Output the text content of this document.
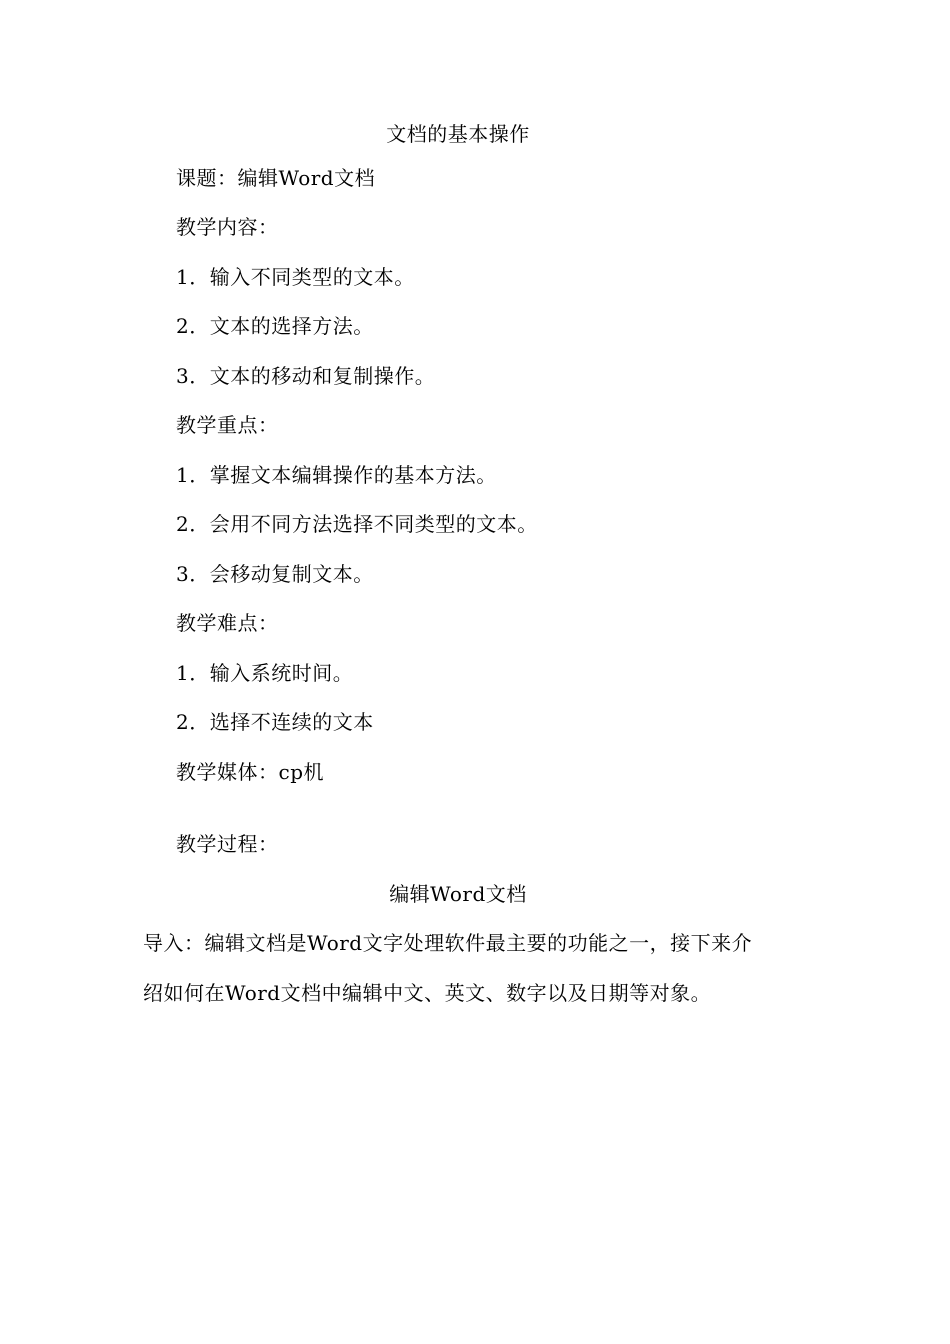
文档的基本操作
课题：编辑Word文档
教学内容：
1．输入不同类型的文本。
2．文本的选择方法。
3．文本的移动和复制操作。
教学重点：
1．掌握文本编辑操作的基本方法。
2．会用不同方法选择不同类型的文本。
3．会移动复制文本。
教学难点：
1．输入系统时间。
2．选择不连续的文本
教学媒体：cp机
教学过程：
编辑Word文档
导入：编辑文档是Word文字处理软件最主要的功能之一，接下来介绍如何在Word文档中编辑中文、英文、数字以及日期等对象。
